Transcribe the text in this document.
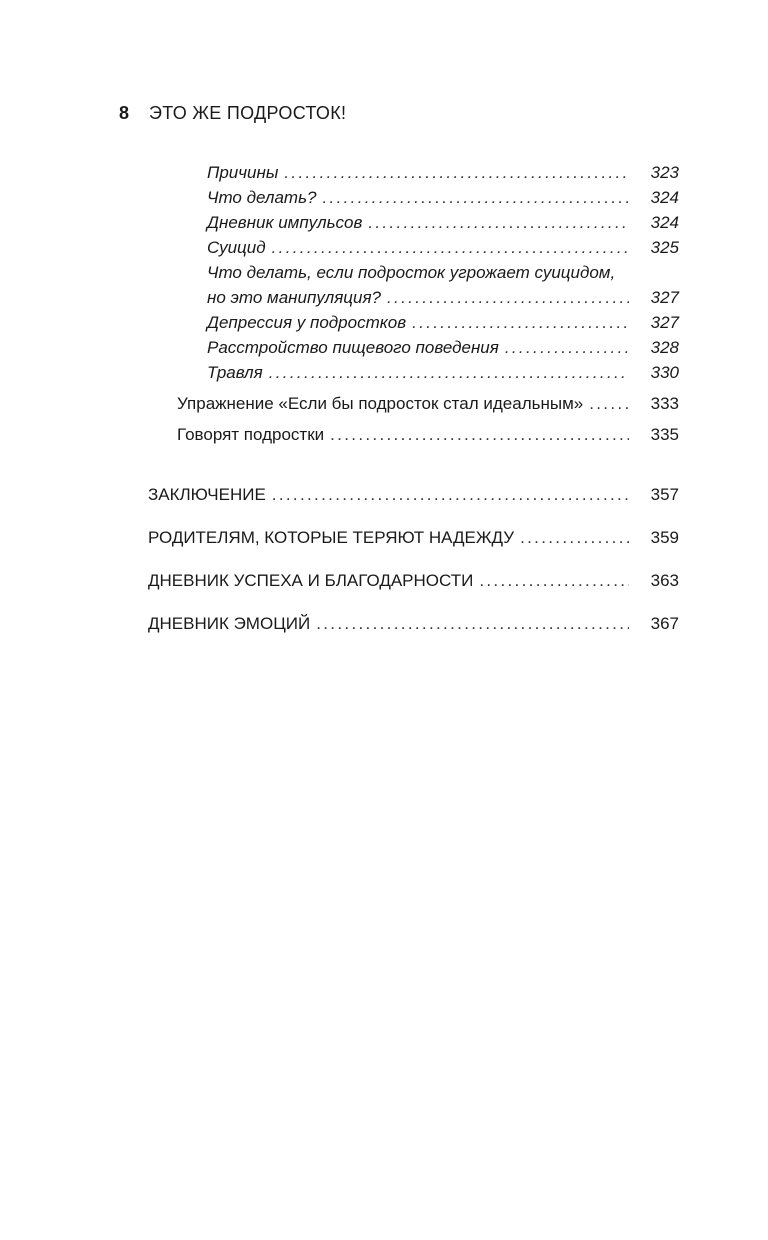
8 ЭТО ЖЕ ПОДРОСТОК!
Причины . . .	323
Что делать? . . .	324
Дневник импульсов . . .	324
Суицид . . .	325
Что делать, если подросток угрожает суицидом,
но это манипуляция? . . .	327
Депрессия у подростков . . .	327
Расстройство пищевого поведения . . .	328
Травля . . .	330
Упражнение «Если бы подросток стал идеальным» . . .	333
Говорят подростки . . .	335
ЗАКЛЮЧЕНИЕ . . .	357
РОДИТЕЛЯМ, КОТОРЫЕ ТЕРЯЮТ НАДЕЖДУ . . .	359
ДНЕВНИК УСПЕХА И БЛАГОДАРНОСТИ . . .	363
ДНЕВНИК ЭМОЦИЙ . . .	367
